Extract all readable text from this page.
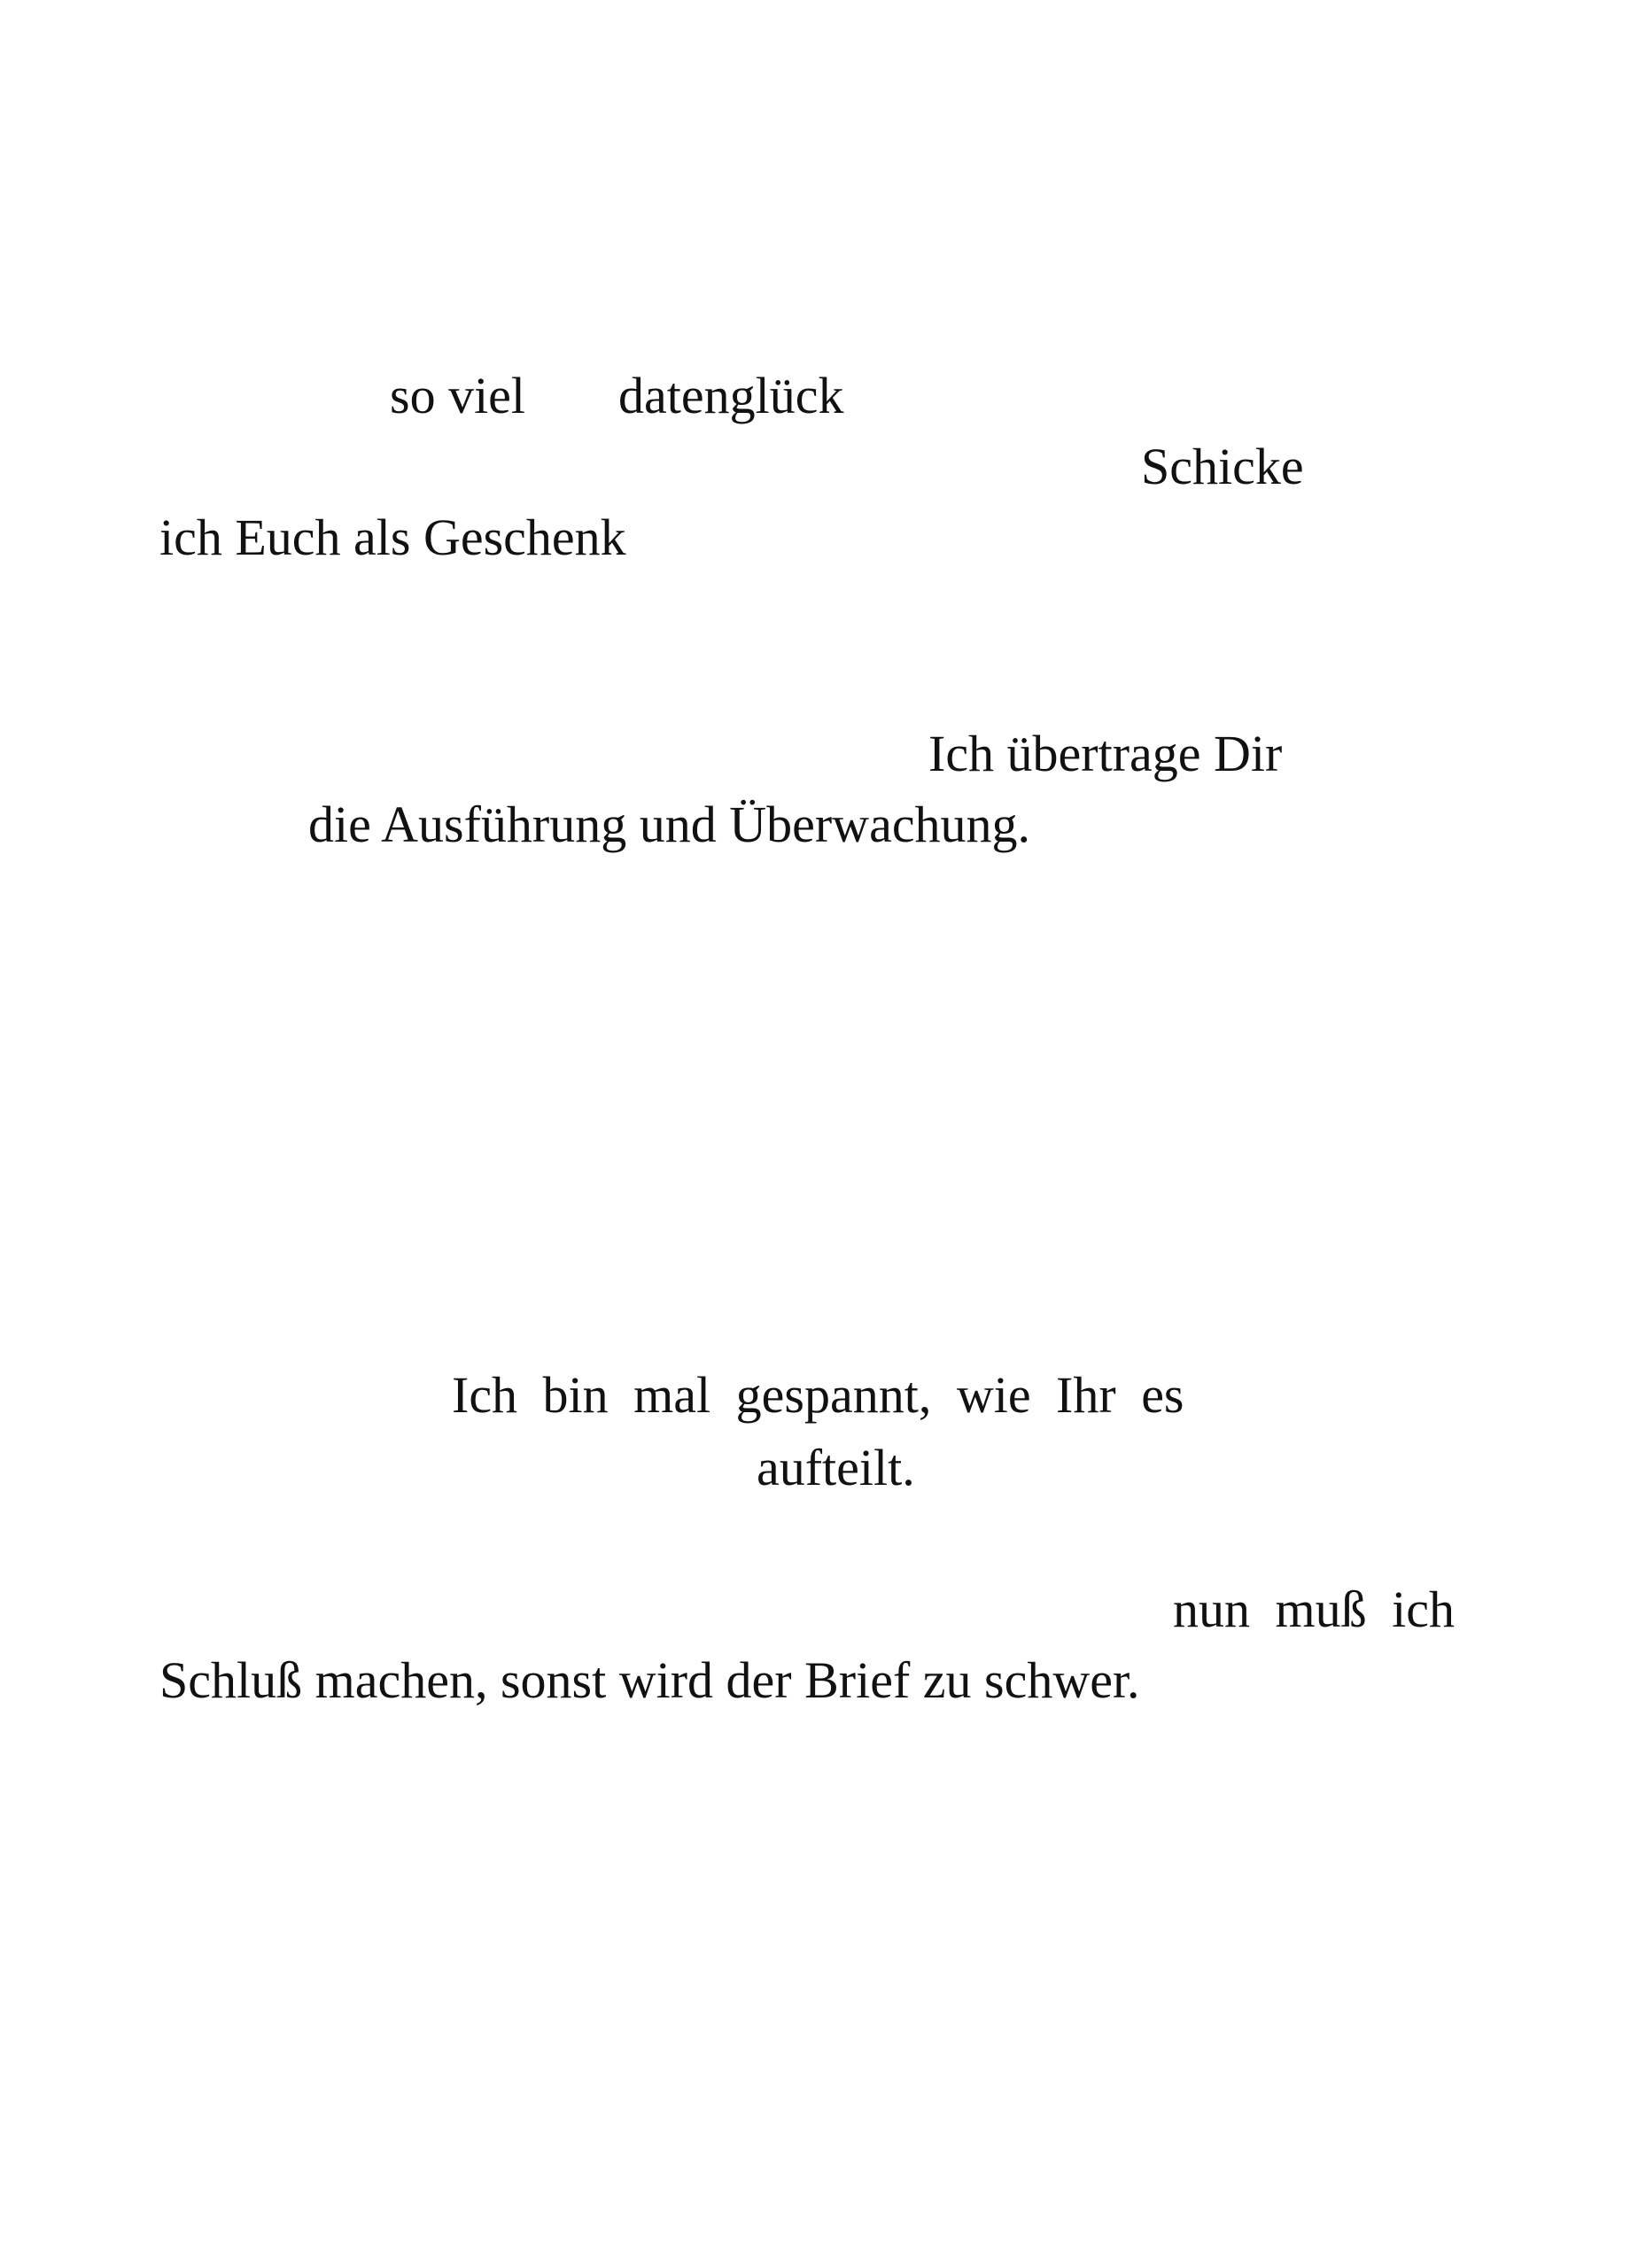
so viel datenglück
Schicke
ich Euch als Geschenk
Ich übertrage Dir
die Ausführung und Überwachung.
Ich bin mal gespannt, wie Ihr es
aufteilt.
nun muß ich
Schluß machen, sonst wird der Brief zu schwer.
